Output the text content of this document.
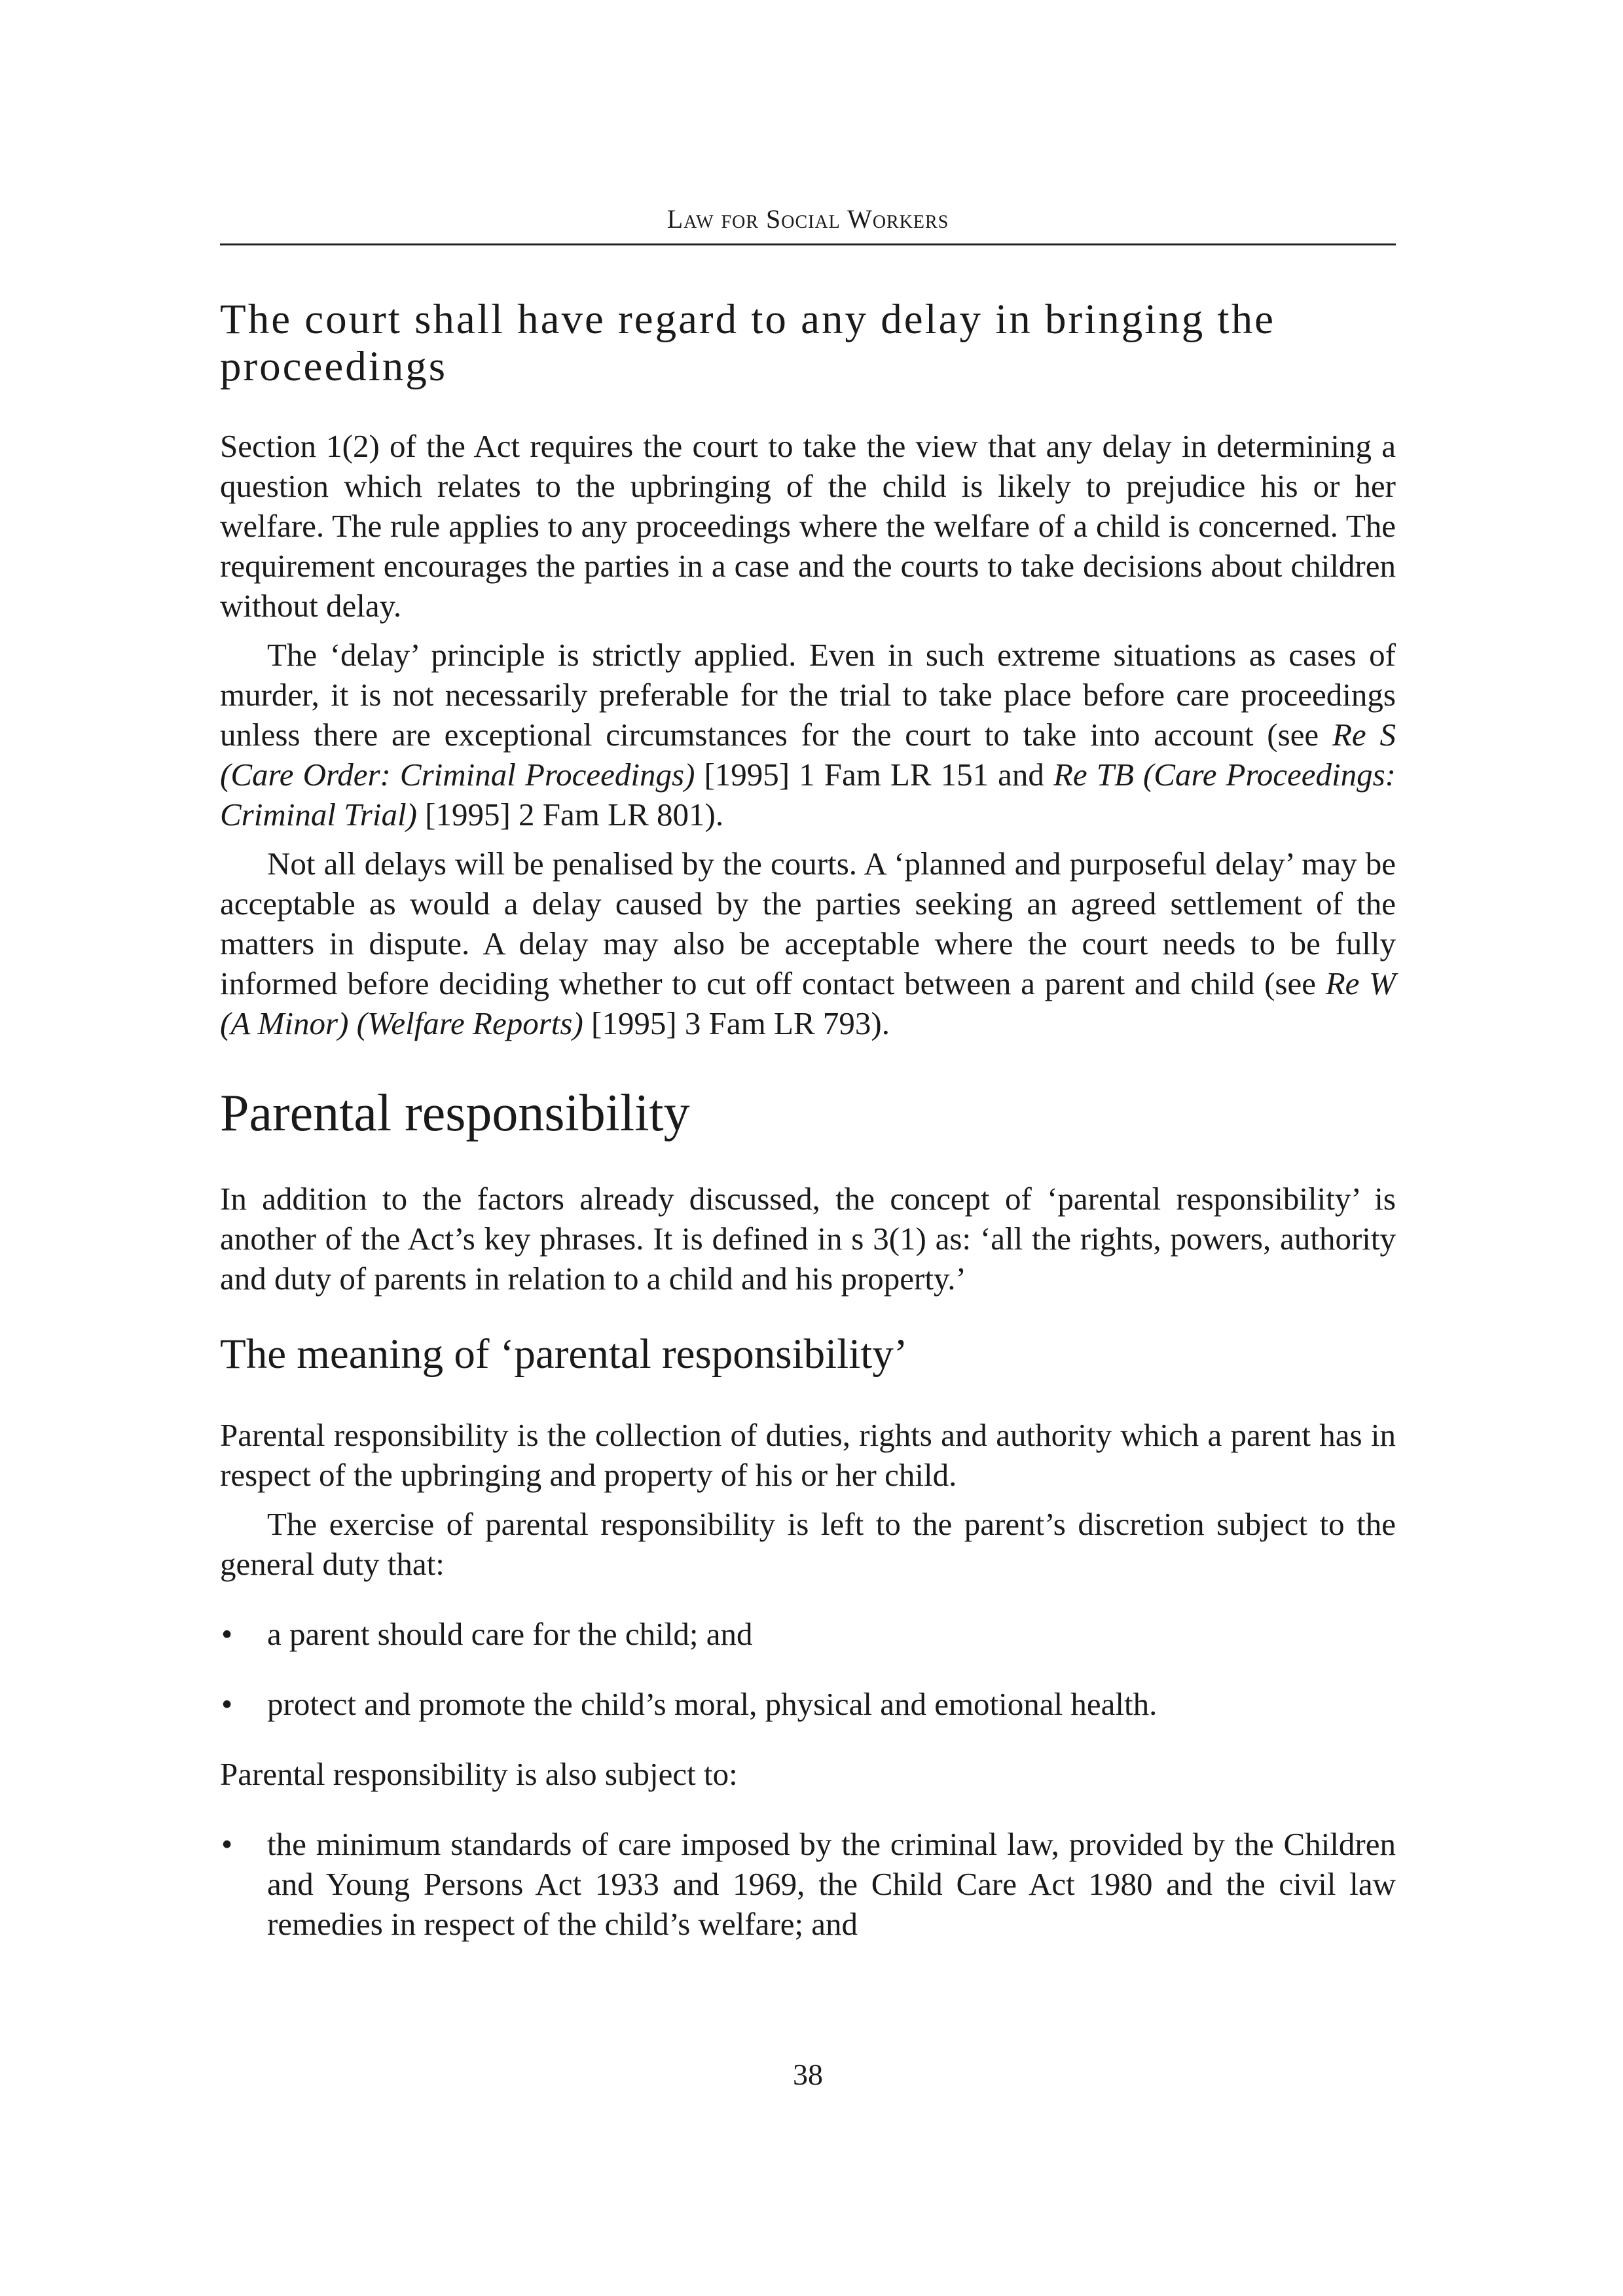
Law for Social Workers
The court shall have regard to any delay in bringing the proceedings

Section 1(2) of the Act requires the court to take the view that any delay in determining a question which relates to the upbringing of the child is likely to prejudice his or her welfare. The rule applies to any proceedings where the welfare of a child is concerned. The requirement encourages the parties in a case and the courts to take decisions about children without delay.

The ‘delay’ principle is strictly applied. Even in such extreme situations as cases of murder, it is not necessarily preferable for the trial to take place before care proceedings unless there are exceptional circumstances for the court to take into account (see Re S (Care Order: Criminal Proceedings) [1995] 1 Fam LR 151 and Re TB (Care Proceedings: Criminal Trial) [1995] 2 Fam LR 801).

Not all delays will be penalised by the courts. A ‘planned and purposeful delay’ may be acceptable as would a delay caused by the parties seeking an agreed settlement of the matters in dispute. A delay may also be acceptable where the court needs to be fully informed before deciding whether to cut off contact between a parent and child (see Re W (A Minor) (Welfare Reports) [1995] 3 Fam LR 793).

Parental responsibility

In addition to the factors already discussed, the concept of ‘parental responsibility’ is another of the Act’s key phrases. It is defined in s 3(1) as: ‘all the rights, powers, authority and duty of parents in relation to a child and his property.’

The meaning of ‘parental responsibility’

Parental responsibility is the collection of duties, rights and authority which a parent has in respect of the upbringing and property of his or her child.

The exercise of parental responsibility is left to the parent’s discretion subject to the general duty that:

• a parent should care for the child; and
• protect and promote the child’s moral, physical and emotional health.

Parental responsibility is also subject to:

• the minimum standards of care imposed by the criminal law, provided by the Children and Young Persons Act 1933 and 1969, the Child Care Act 1980 and the civil law remedies in respect of the child’s welfare; and
38
